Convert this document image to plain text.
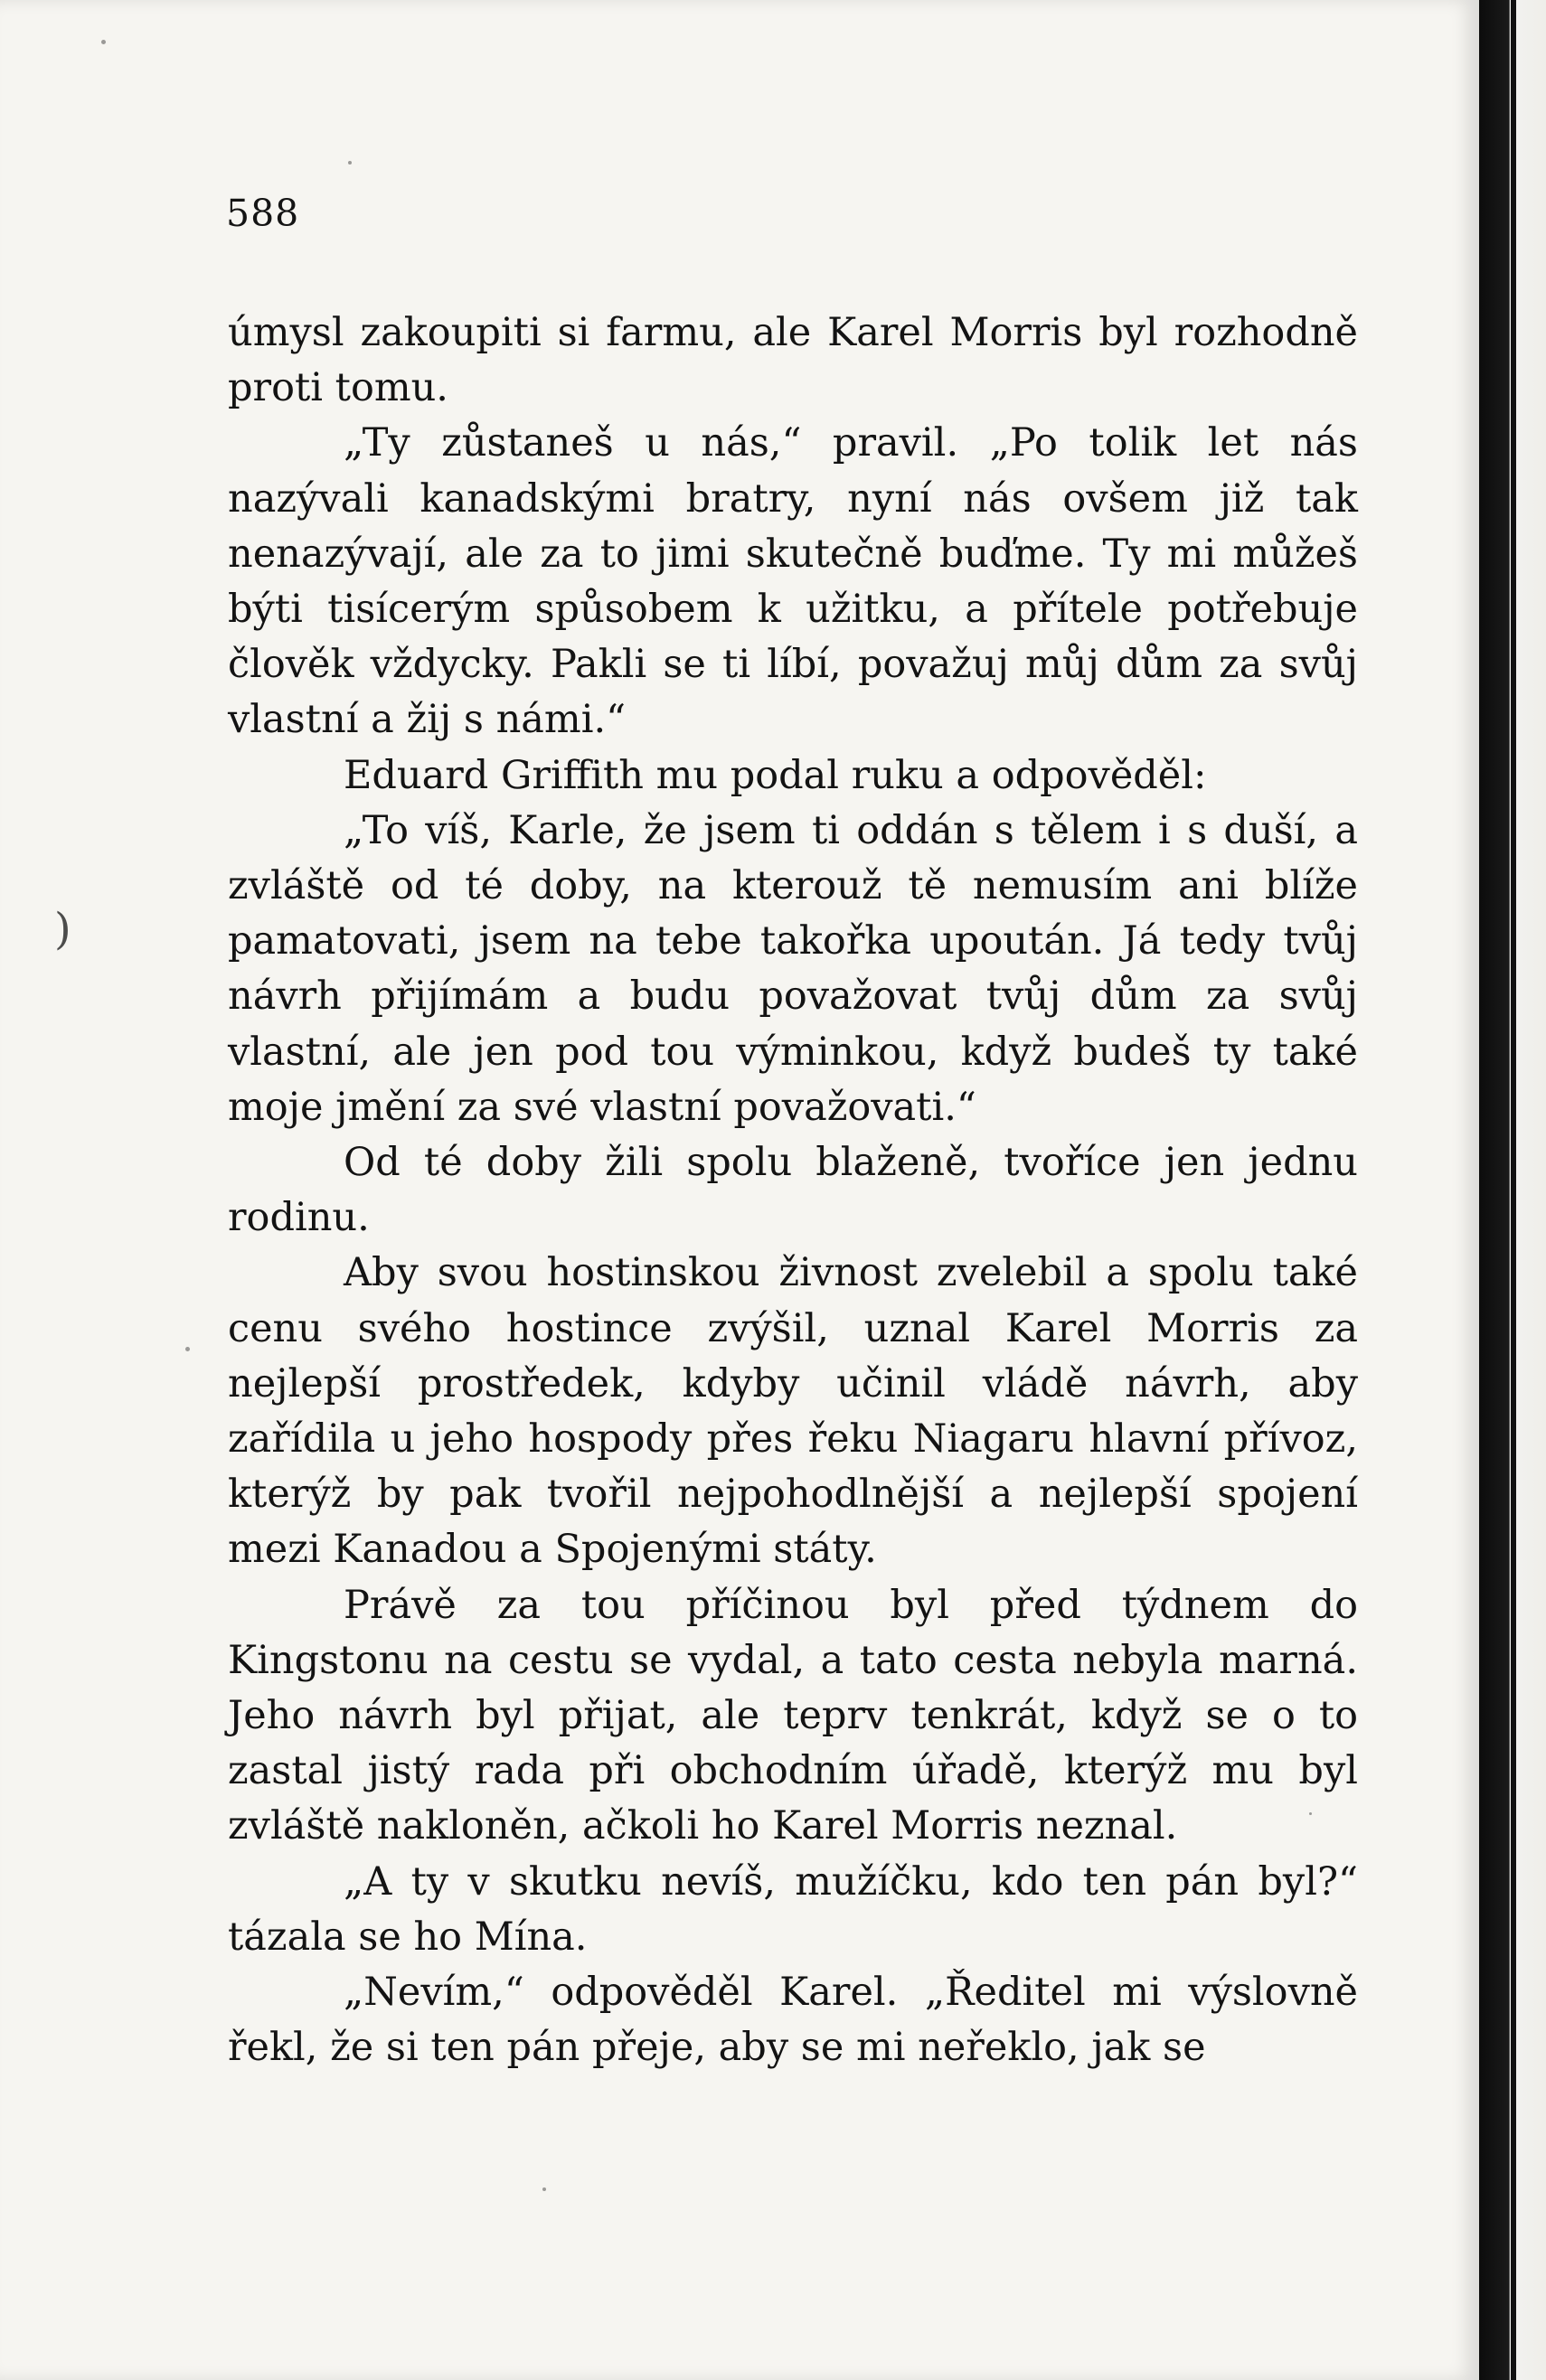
588

úmysl zakoupiti si farmu, ale Karel Morris byl rozhodně proti tomu.

„Ty zůstaneš u nás,“ pravil. „Po tolik let nás nazývali kanadskými bratry, nyní nás ovšem již tak nenazývají, ale za to jimi skutečně buďme. Ty mi můžeš býti tisícerým spůsobem k užitku, a přítele potřebuje člověk vždycky. Pakli se ti líbí, považuj můj dům za svůj vlastní a žij s námi.“

Eduard Griffith mu podal ruku a odpověděl:

„To víš, Karle, že jsem ti oddán s tělem i s duší, a zvláště od té doby, na kterouž tě nemusím ani blíže pamatovati, jsem na tebe takořka upoután. Já tedy tvůj návrh přijímám a budu považovat tvůj dům za svůj vlastní, ale jen pod tou výminkou, když budeš ty také moje jmění za své vlastní považovati.“

Od té doby žili spolu blaženě, tvoříce jen jednu rodinu.

Aby svou hostinskou živnost zvelebil a spolu také cenu svého hostince zvýšil, uznal Karel Morris za nejlepší prostředek, kdyby učinil vládě návrh, aby zařídila u jeho hospody přes řeku Niagaru hlavní přívoz, kterýž by pak tvořil nejpohodlnější a nejlepší spojení mezi Kanadou a Spojenými státy.

Právě za tou příčinou byl před týdnem do Kingstonu na cestu se vydal, a tato cesta nebyla marná. Jeho návrh byl přijat, ale teprv tenkrát, když se o to zastal jistý rada při obchodním úřadě, kterýž mu byl zvláště nakloněn, ačkoli ho Karel Morris neznal.

„A ty v skutku nevíš, mužíčku, kdo ten pán byl?“ tázala se ho Mína.

„Nevím,“ odpověděl Karel. „Ředitel mi výslovně řekl, že si ten pán přeje, aby se mi neřeklo, jak se

)
